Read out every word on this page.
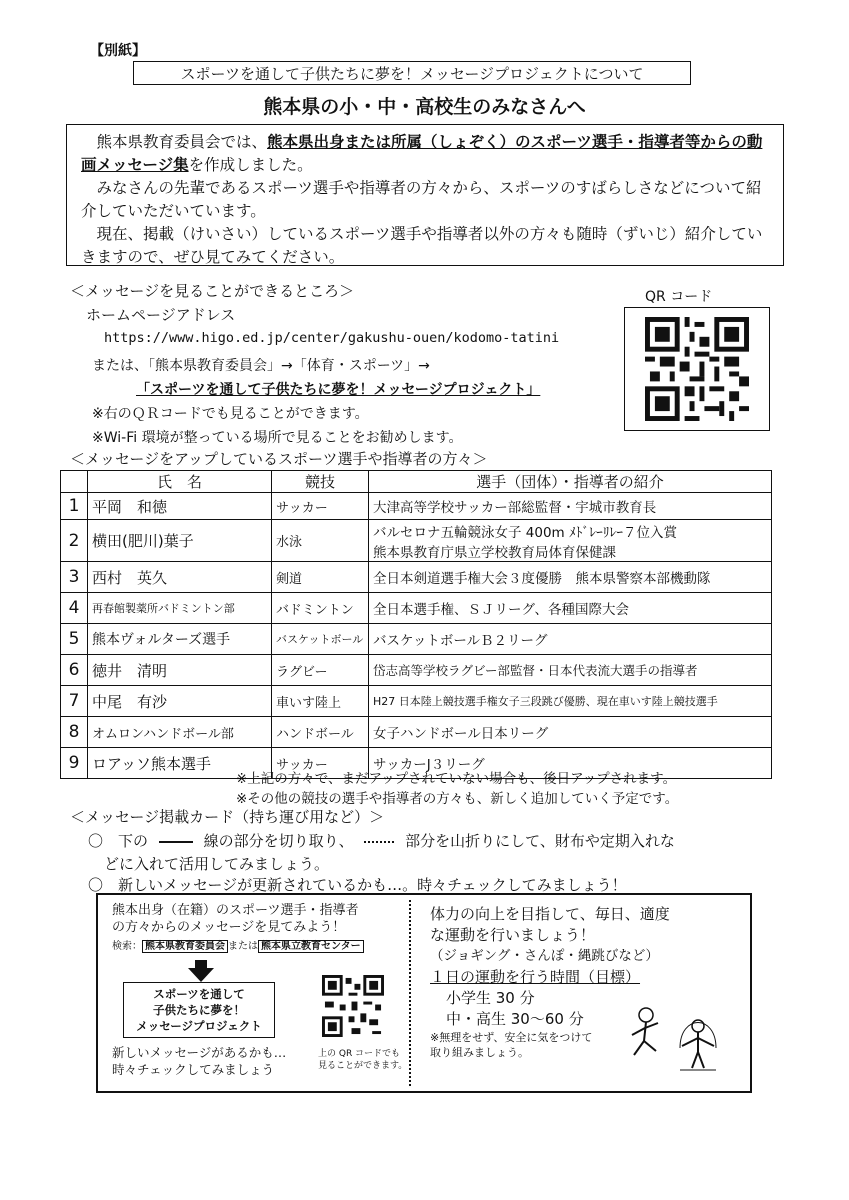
【別紙】
スポーツを通して子供たちに夢を！メッセージプロジェクトについて
熊本県の小・中・高校生のみなさんへ

熊本県教育委員会では、熊本県出身または所属（しょぞく）のスポーツ選手・指導者等からの動画メッセージ集を作成しました。

みなさんの先輩であるスポーツ選手や指導者の方々から、スポーツのすばらしさなどについて紹介していただいています。

現在、掲載（けいさい）しているスポーツ選手や指導者以外の方々も随時（ずいじ）紹介していきますので、ぜひ見てみてください。

＜メッセージを見ることができるところ＞
ホームページアドレス
https://www.higo.ed.jp/center/gakushu-ouen/kodomo-tatini
または、「熊本県教育委員会」→「体育・スポーツ」→
「スポーツを通して子供たちに夢を！メッセージプロジェクト」
※右のＱＲコードでも見ることができます。
※Wi-Fi 環境が整っている場所で見ることをお勧めします。
QR コード
＜メッセージをアップしているスポーツ選手や指導者の方々＞
	氏　名	競技	選手（団体）・指導者の紹介
1	平岡　和徳	サッカー	大津高等学校サッカー部総監督・宇城市教育長
2	横田(肥川)葉子	水泳	バルセロナ五輪競泳女子 400m ﾒﾄﾞﾚｰﾘﾚｰ７位入賞
熊本県教育庁県立学校教育局体育保健課

3	西村　英久	剣道	全日本剣道選手権大会３度優勝　熊本県警察本部機動隊
4	再春館製薬所バドミントン部	バドミントン	全日本選手権、ＳＪリーグ、各種国際大会
5	熊本ヴォルターズ選手	バスケットボール	バスケットボールＢ２リーグ
6	徳井　清明	ラグビー	岱志高等学校ラグビー部監督・日本代表流大選手の指導者
7	中尾　有沙	車いす陸上	H27 日本陸上競技選手権女子三段跳び優勝、現在車いす陸上競技選手
8	オムロンハンドボール部	ハンドボール	女子ハンドボール日本リーグ
9	ロアッソ熊本選手	サッカー	サッカーJ３リーグ
※上記の方々で、まだアップされていない場合も、後日アップされます。
※その他の競技の選手や指導者の方々も、新しく追加していく予定です。
＜メッセージ掲載カード（持ち運び用など）＞
〇　下の	線の部分を切り取り、	部分を山折りにして、財布や定期入れな
どに入れて活用してみましょう。
〇　新しいメッセージが更新されているかも…。時々チェックしてみましょう！
熊本出身（在籍）のスポーツ選手・指導者
の方々からのメッセージを見てみよう！
検索： 熊本県教育委員会 または 熊本県立教育センター
スポーツを通して
子供たちに夢を！
メッセージプロジェクト
新しいメッセージがあるかも…
時々チェックしてみましょう
上の QR コードでも
見ることができます。
体力の向上を目指して、毎日、適度
な運動を行いましょう！
（ジョギング・さんぽ・縄跳びなど）
１日の運動を行う時間（目標）
小学生 30 分
中・高生 30～60 分
※無理をせず、安全に気をつけて
取り組みましょう。
